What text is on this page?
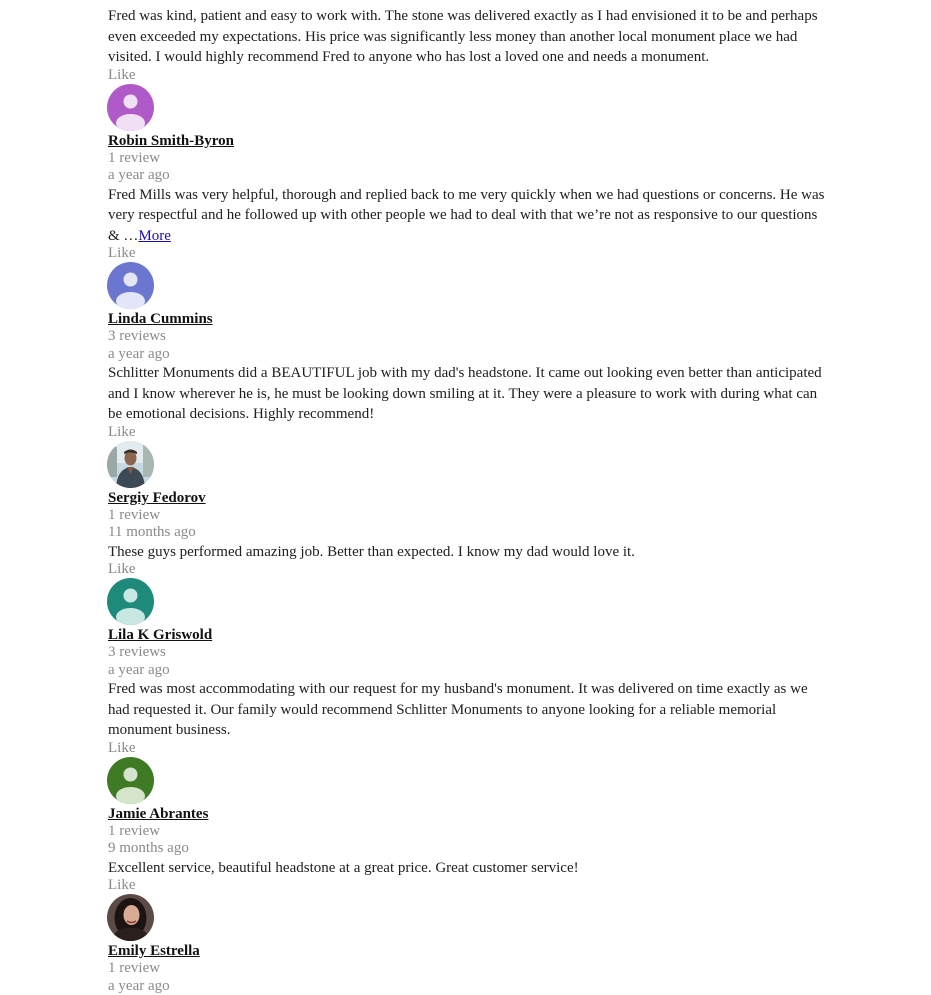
Fred was kind, patient and easy to work with. The stone was delivered exactly as I had envisioned it to be and perhaps even exceeded my expectations. His price was significantly less money than another local monument place we had visited. I would highly recommend Fred to anyone who has lost a loved one and needs a monument.

Like
Robin Smith-Byron
1 review
a year ago

Fred Mills was very helpful, thorough and replied back to me very quickly when we had questions or concerns. He was very respectful and he followed up with other people we had to deal with that we’re not as responsive to our questions & …More

Like
Linda Cummins
3 reviews
a year ago

Schlitter Monuments did a BEAUTIFUL job with my dad's headstone. It came out looking even better than anticipated and I know wherever he is, he must be looking down smiling at it. They were a pleasure to work with during what can be emotional decisions. Highly recommend!

Like
Sergiy Fedorov
1 review
11 months ago

These guys performed amazing job. Better than expected. I know my dad would love it.

Like
Lila K Griswold
3 reviews
a year ago

Fred was most accommodating with our request for my husband's monument. It was delivered on time exactly as we had requested it. Our family would recommend Schlitter Monuments to anyone looking for a reliable memorial monument business.

Like
Jamie Abrantes
1 review
9 months ago

Excellent service, beautiful headstone at a great price. Great customer service!

Like
Emily Estrella
1 review
a year ago
